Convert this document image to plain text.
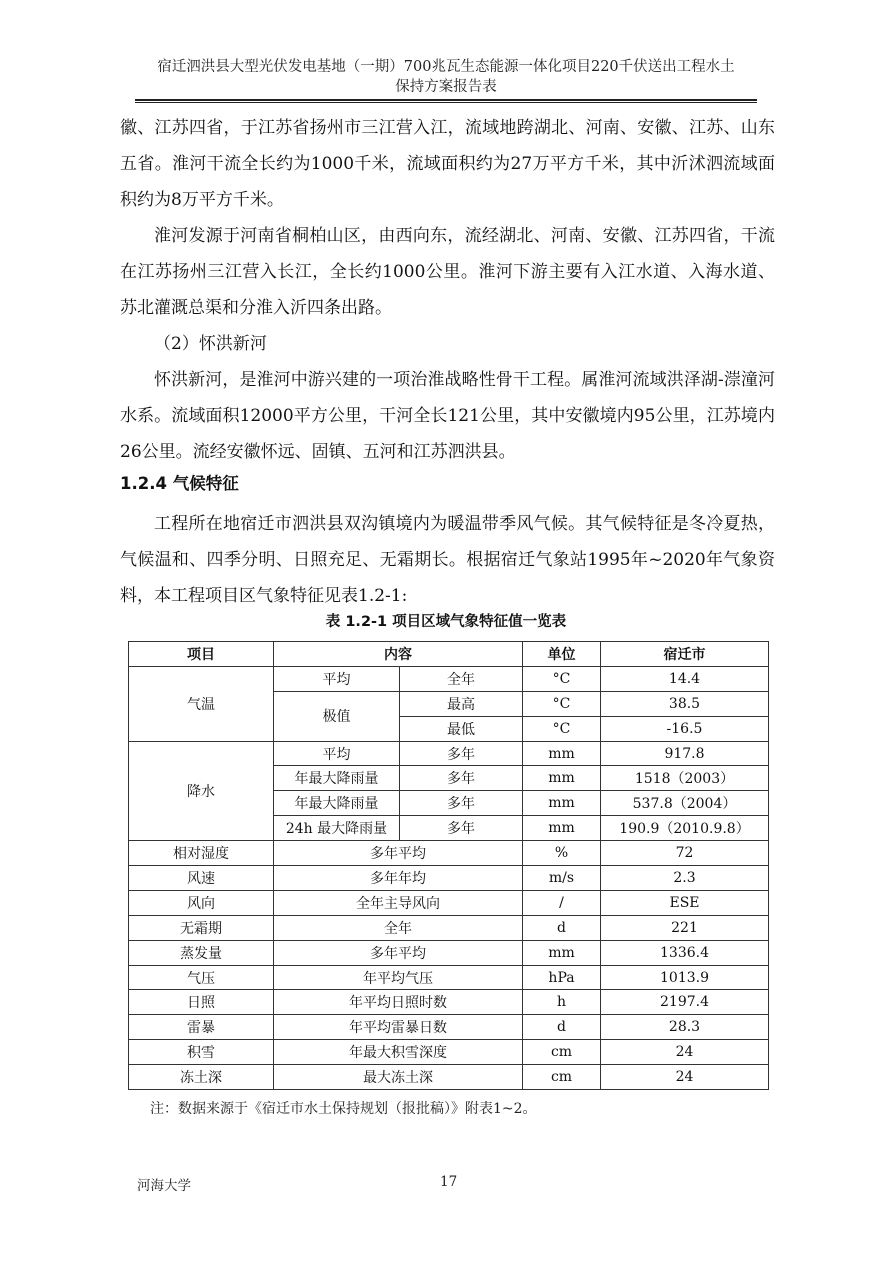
宿迁泗洪县大型光伏发电基地（一期）700兆瓦生态能源一体化项目220千伏送出工程水土
保持方案报告表

徽、江苏四省，于江苏省扬州市三江营入江，流域地跨湖北、河南、安徽、江苏、山东五省。淮河干流全长约为1000千米，流域面积约为27万平方千米，其中沂沭泗流域面积约为8万平方千米。

淮河发源于河南省桐柏山区，由西向东，流经湖北、河南、安徽、江苏四省，干流在江苏扬州三江营入长江，全长约1000公里。淮河下游主要有入江水道、入海水道、苏北灌溉总渠和分淮入沂四条出路。

（2）怀洪新河

怀洪新河，是淮河中游兴建的一项治淮战略性骨干工程。属淮河流域洪泽湖-漴潼河水系。流域面积12000平方公里，干河全长121公里，其中安徽境内95公里，江苏境内26公里。流经安徽怀远、固镇、五河和江苏泗洪县。

1.2.4 气候特征

工程所在地宿迁市泗洪县双沟镇境内为暖温带季风气候。其气候特征是冬冷夏热，气候温和、四季分明、日照充足、无霜期长。根据宿迁气象站1995年~2020年气象资料，本工程项目区气象特征见表1.2-1:

表 1.2-1 项目区域气象特征值一览表
项目	内容		单位	宿迁市
气温	平均	全年	°C	14.4
	极值	最高	°C	38.5
		最低	°C	-16.5
降水	平均	多年	mm	917.8
	年最大降雨量	多年	mm	1518（2003）
	年最大降雨量	多年	mm	537.8（2004）
	24h 最大降雨量	多年	mm	190.9（2010.9.8）
相对湿度	多年平均		%	72
风速	多年年均		m/s	2.3
风向	全年主导风向		/	ESE
无霜期	全年		d	221
蒸发量	多年平均		mm	1336.4
气压	年平均气压		hPa	1013.9
日照	年平均日照时数		h	2197.4
雷暴	年平均雷暴日数		d	28.3
积雪	年最大积雪深度		cm	24
冻土深	最大冻土深		cm	24
注：数据来源于《宿迁市水土保持规划（报批稿）》附表1~2。
河海大学	17
